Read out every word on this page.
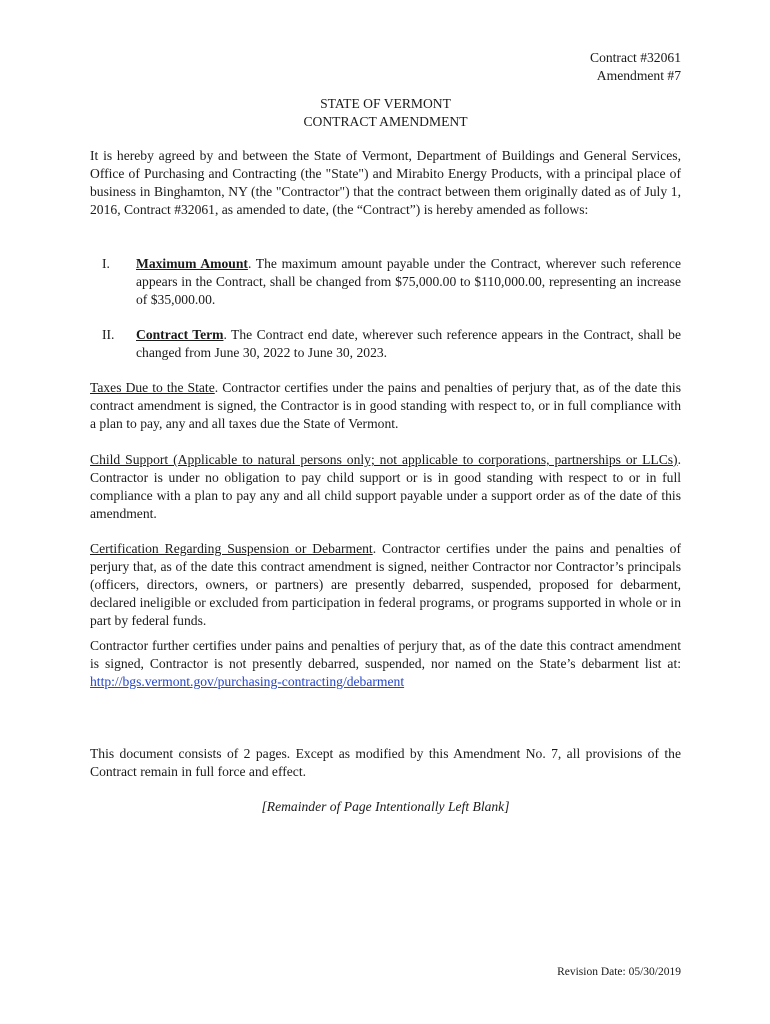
Contract #32061
Amendment #7
STATE OF VERMONT
CONTRACT AMENDMENT
It is hereby agreed by and between the State of Vermont, Department of Buildings and General Services, Office of Purchasing and Contracting (the "State") and Mirabito Energy Products, with a principal place of business in Binghamton, NY (the "Contractor") that the contract between them originally dated as of July 1, 2016, Contract #32061, as amended to date, (the “Contract”) is hereby amended as follows:
I. Maximum Amount. The maximum amount payable under the Contract, wherever such reference appears in the Contract, shall be changed from $75,000.00 to $110,000.00, representing an increase of $35,000.00.
II. Contract Term. The Contract end date, wherever such reference appears in the Contract, shall be changed from June 30, 2022 to June 30, 2023.
Taxes Due to the State. Contractor certifies under the pains and penalties of perjury that, as of the date this contract amendment is signed, the Contractor is in good standing with respect to, or in full compliance with a plan to pay, any and all taxes due the State of Vermont.
Child Support (Applicable to natural persons only; not applicable to corporations, partnerships or LLCs). Contractor is under no obligation to pay child support or is in good standing with respect to or in full compliance with a plan to pay any and all child support payable under a support order as of the date of this amendment.
Certification Regarding Suspension or Debarment. Contractor certifies under the pains and penalties of perjury that, as of the date this contract amendment is signed, neither Contractor nor Contractor’s principals (officers, directors, owners, or partners) are presently debarred, suspended, proposed for debarment, declared ineligible or excluded from participation in federal programs, or programs supported in whole or in part by federal funds.
Contractor further certifies under pains and penalties of perjury that, as of the date this contract amendment is signed, Contractor is not presently debarred, suspended, nor named on the State’s debarment list at: http://bgs.vermont.gov/purchasing-contracting/debarment
This document consists of 2 pages. Except as modified by this Amendment No. 7, all provisions of the Contract remain in full force and effect.
[Remainder of Page Intentionally Left Blank]
Revision Date: 05/30/2019
